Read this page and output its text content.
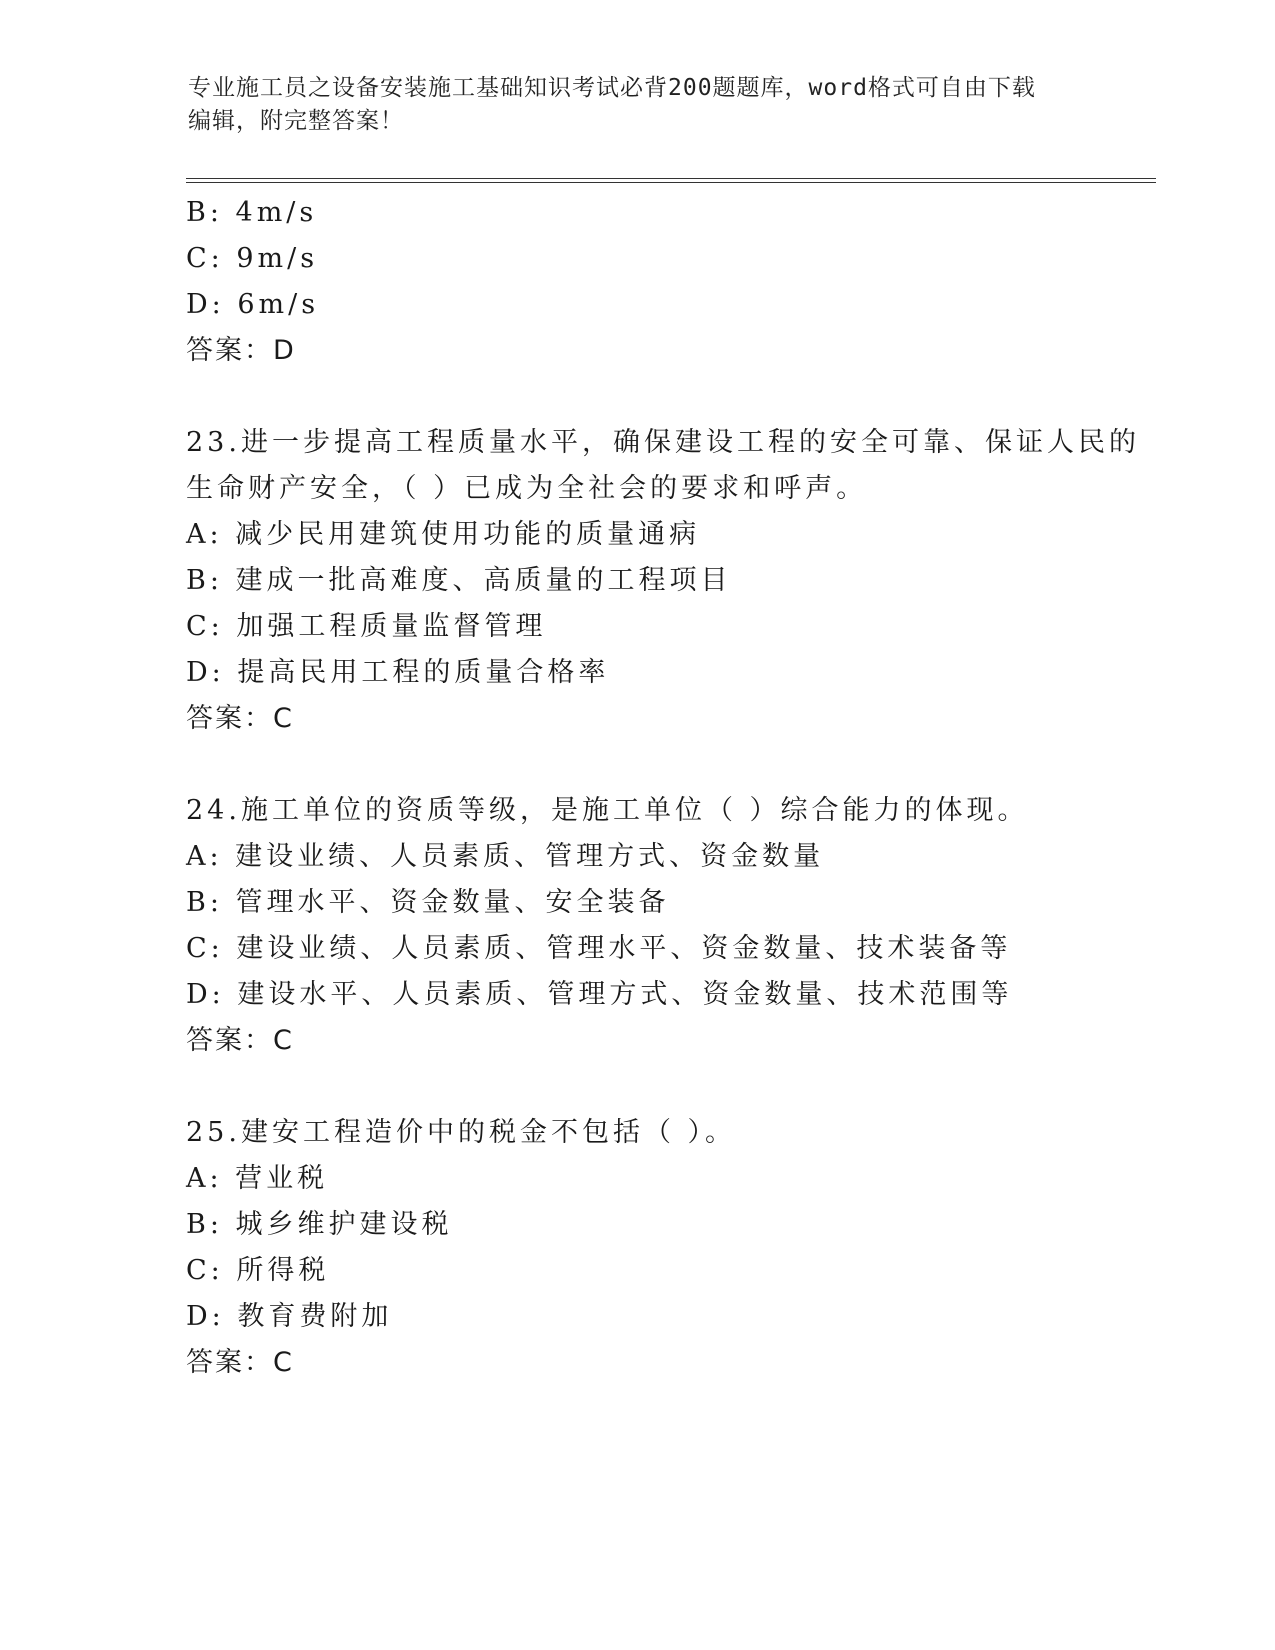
专业施工员之设备安装施工基础知识考试必背200题题库，word格式可自由下载
编辑，附完整答案！
B: 4m/s
C: 9m/s
D: 6m/s
答案：D
23.进一步提高工程质量水平，确保建设工程的安全可靠、保证人民的
生命财产安全，（ ）已成为全社会的要求和呼声。
A: 减少民用建筑使用功能的质量通病
B: 建成一批高难度、高质量的工程项目
C: 加强工程质量监督管理
D: 提高民用工程的质量合格率
答案：C
24.施工单位的资质等级，是施工单位（ ）综合能力的体现。
A: 建设业绩、人员素质、管理方式、资金数量
B: 管理水平、资金数量、安全装备
C: 建设业绩、人员素质、管理水平、资金数量、技术装备等
D: 建设水平、人员素质、管理方式、资金数量、技术范围等
答案：C
25.建安工程造价中的税金不包括（ ）。
A: 营业税
B: 城乡维护建设税
C: 所得税
D: 教育费附加
答案：C
